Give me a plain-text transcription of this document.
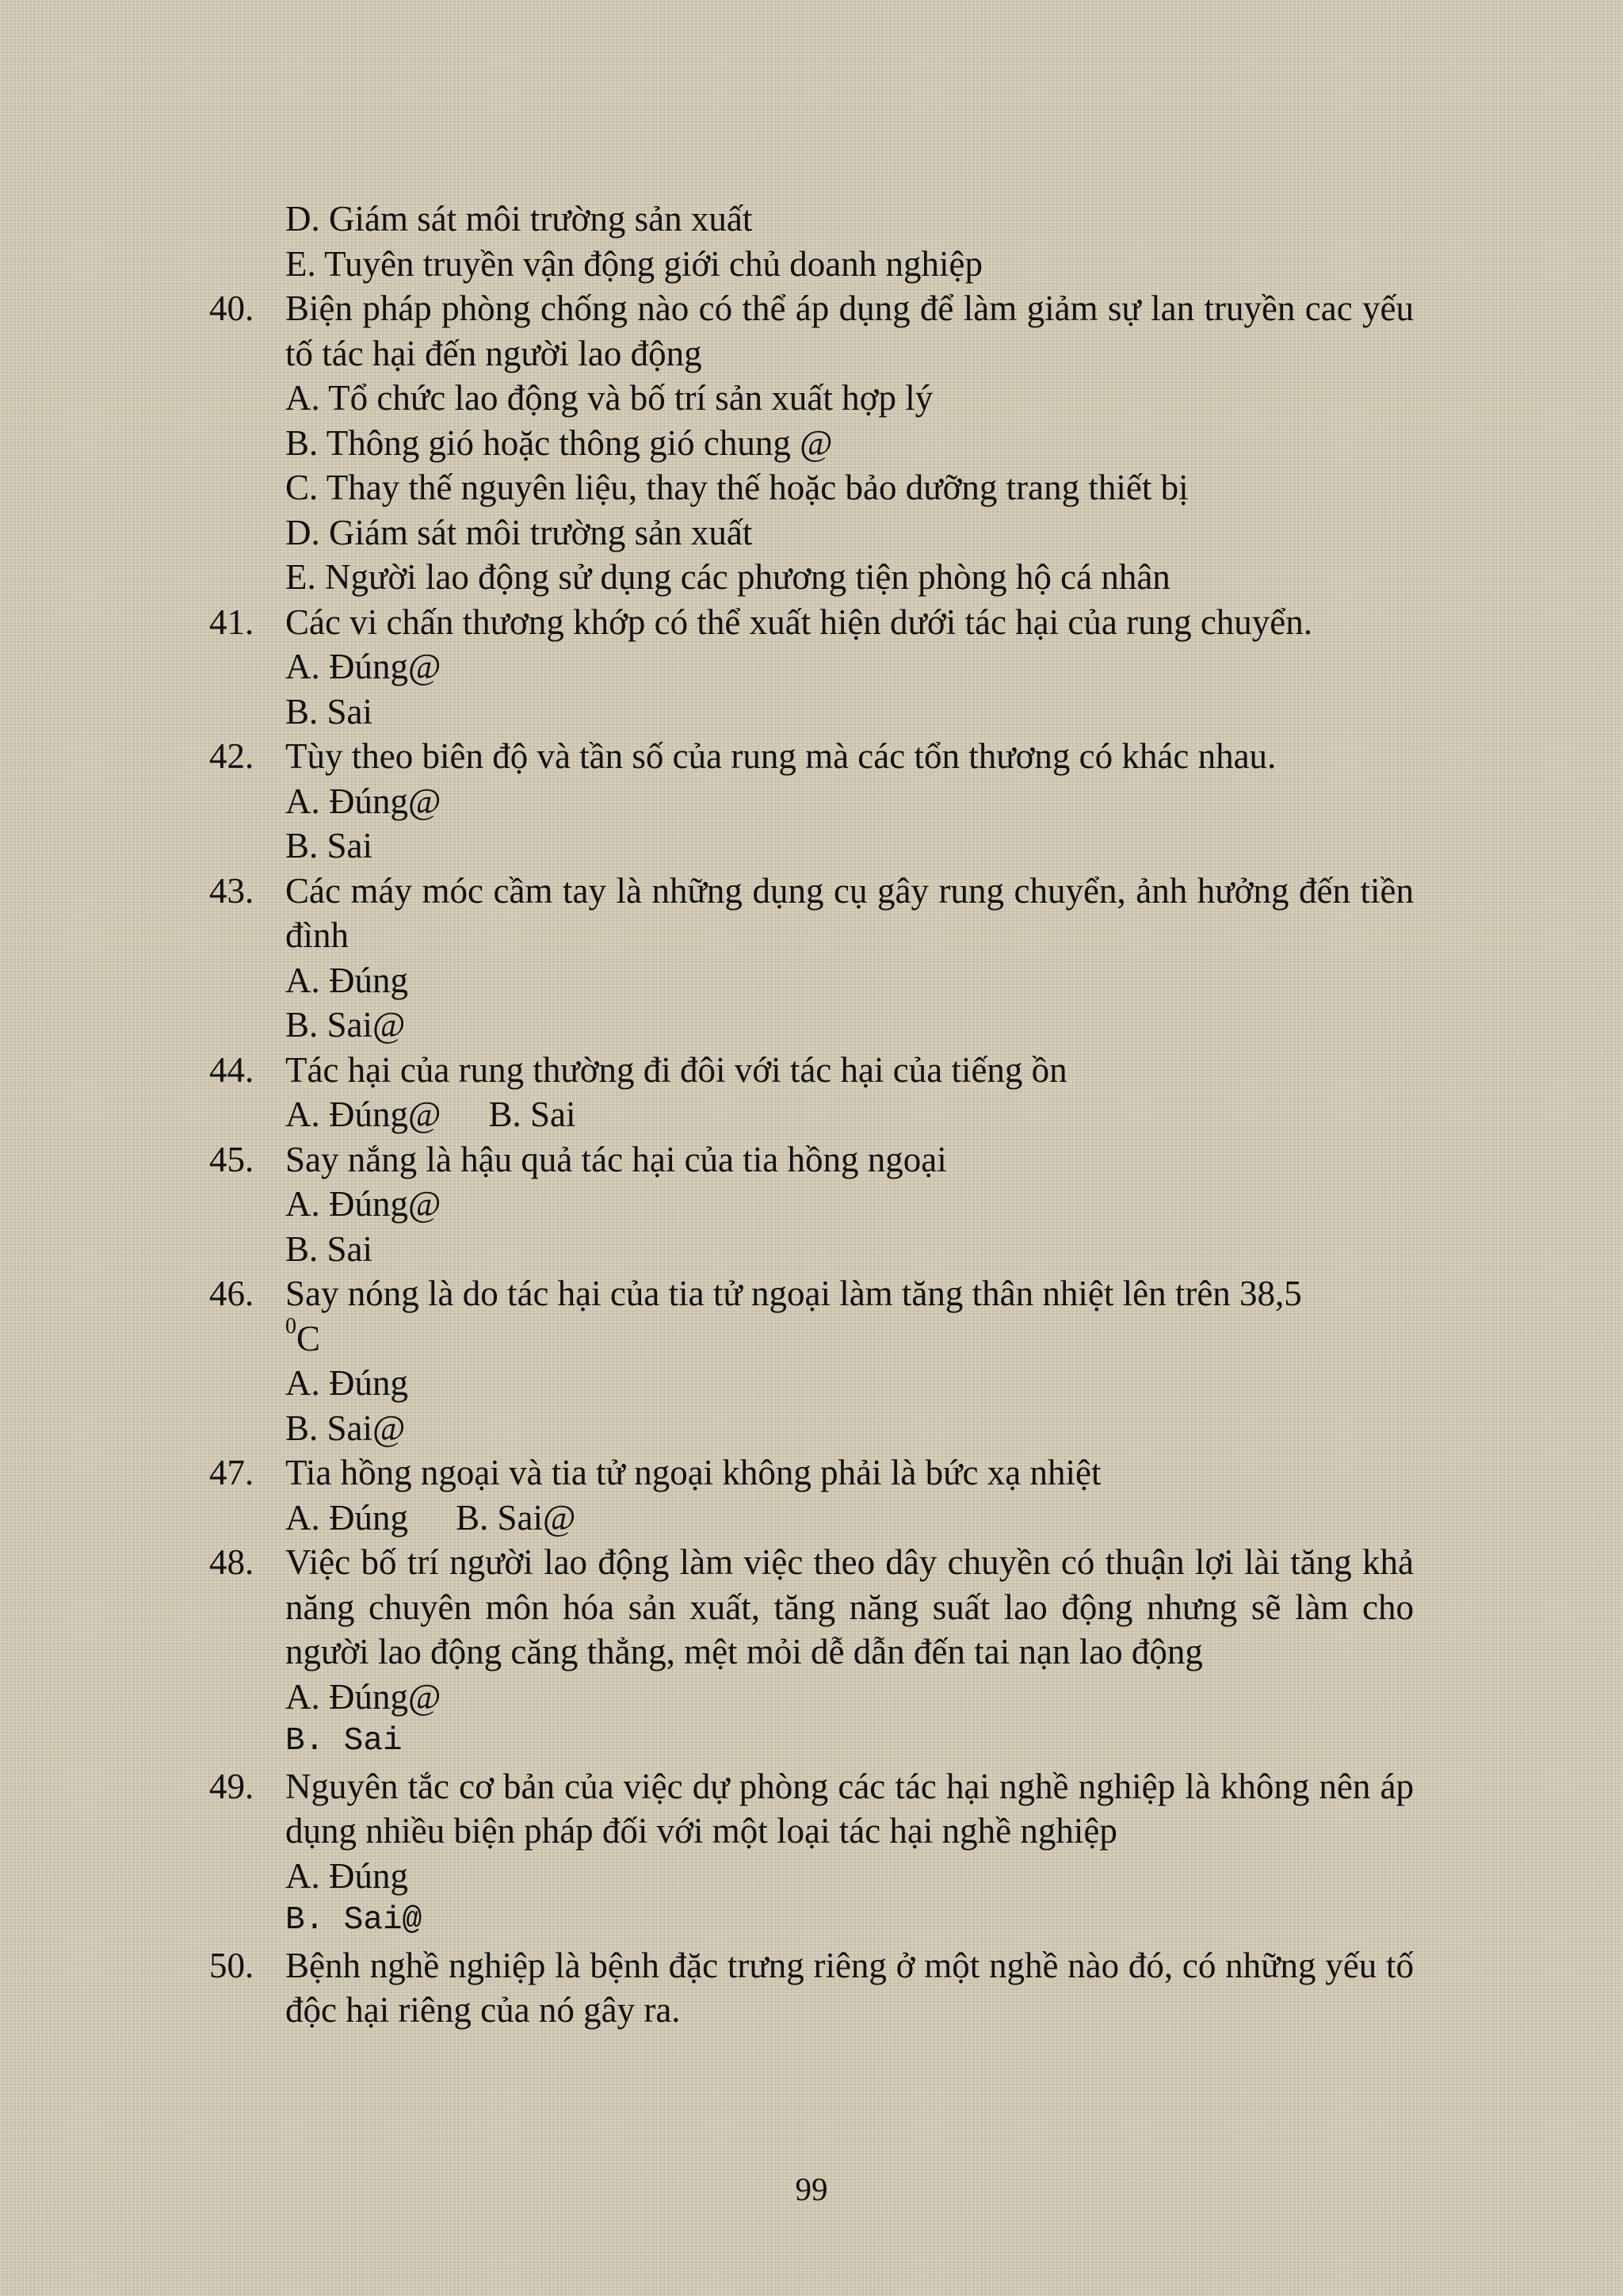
D. Giám sát môi trường sản xuất
E. Tuyên truyền vận động giới chủ doanh nghiệp
40. Biện pháp phòng chống nào có thể áp dụng để làm giảm sự lan truyền cac yếu tố tác hại đến người lao động
A. Tổ chức lao động và bố trí sản xuất hợp lý
B. Thông gió hoặc thông gió chung @
C. Thay thế nguyên liệu, thay thế hoặc bảo dưỡng trang thiết bị
D. Giám sát môi trường sản xuất
E. Người lao động sử dụng các phương tiện phòng hộ cá nhân
41. Các vi chấn thương khớp có thể xuất hiện dưới tác hại của rung chuyển.
A. Đúng@
B. Sai
42. Tùy theo biên độ và tần số của rung mà các tổn thương có khác nhau.
A. Đúng@
B. Sai
43. Các máy móc cầm tay là những dụng cụ gây rung chuyển, ảnh hưởng đến tiền đình
A. Đúng
B. Sai@
44. Tác hại của rung thường đi đôi với tác hại của tiếng ồn
A. Đúng@ B. Sai
45. Say nắng là hậu quả tác hại của tia hồng ngoại
A. Đúng@
B. Sai
46. Say nóng là do tác hại của tia tử ngoại làm tăng thân nhiệt lên trên 38,5
$^0$C
A. Đúng
B. Sai@
47. Tia hồng ngoại và tia tử ngoại không phải là bức xạ nhiệt
A. Đúng B. Sai@
48. Việc bố trí người lao động làm việc theo dây chuyền có thuận lợi lài tăng khả năng chuyên môn hóa sản xuất, tăng năng suất lao động nhưng sẽ làm cho người lao động căng thẳng, mệt mỏi dễ dẫn đến tai nạn lao động
A. Đúng@
B. Sai
49. Nguyên tắc cơ bản của việc dự phòng các tác hại nghề nghiệp là không nên áp dụng nhiều biện pháp đối với một loại tác hại nghề nghiệp
A. Đúng
B. Sai@
50. Bệnh nghề nghiệp là bệnh đặc trưng riêng ở một nghề nào đó, có những yếu tố độc hại riêng của nó gây ra.
99
